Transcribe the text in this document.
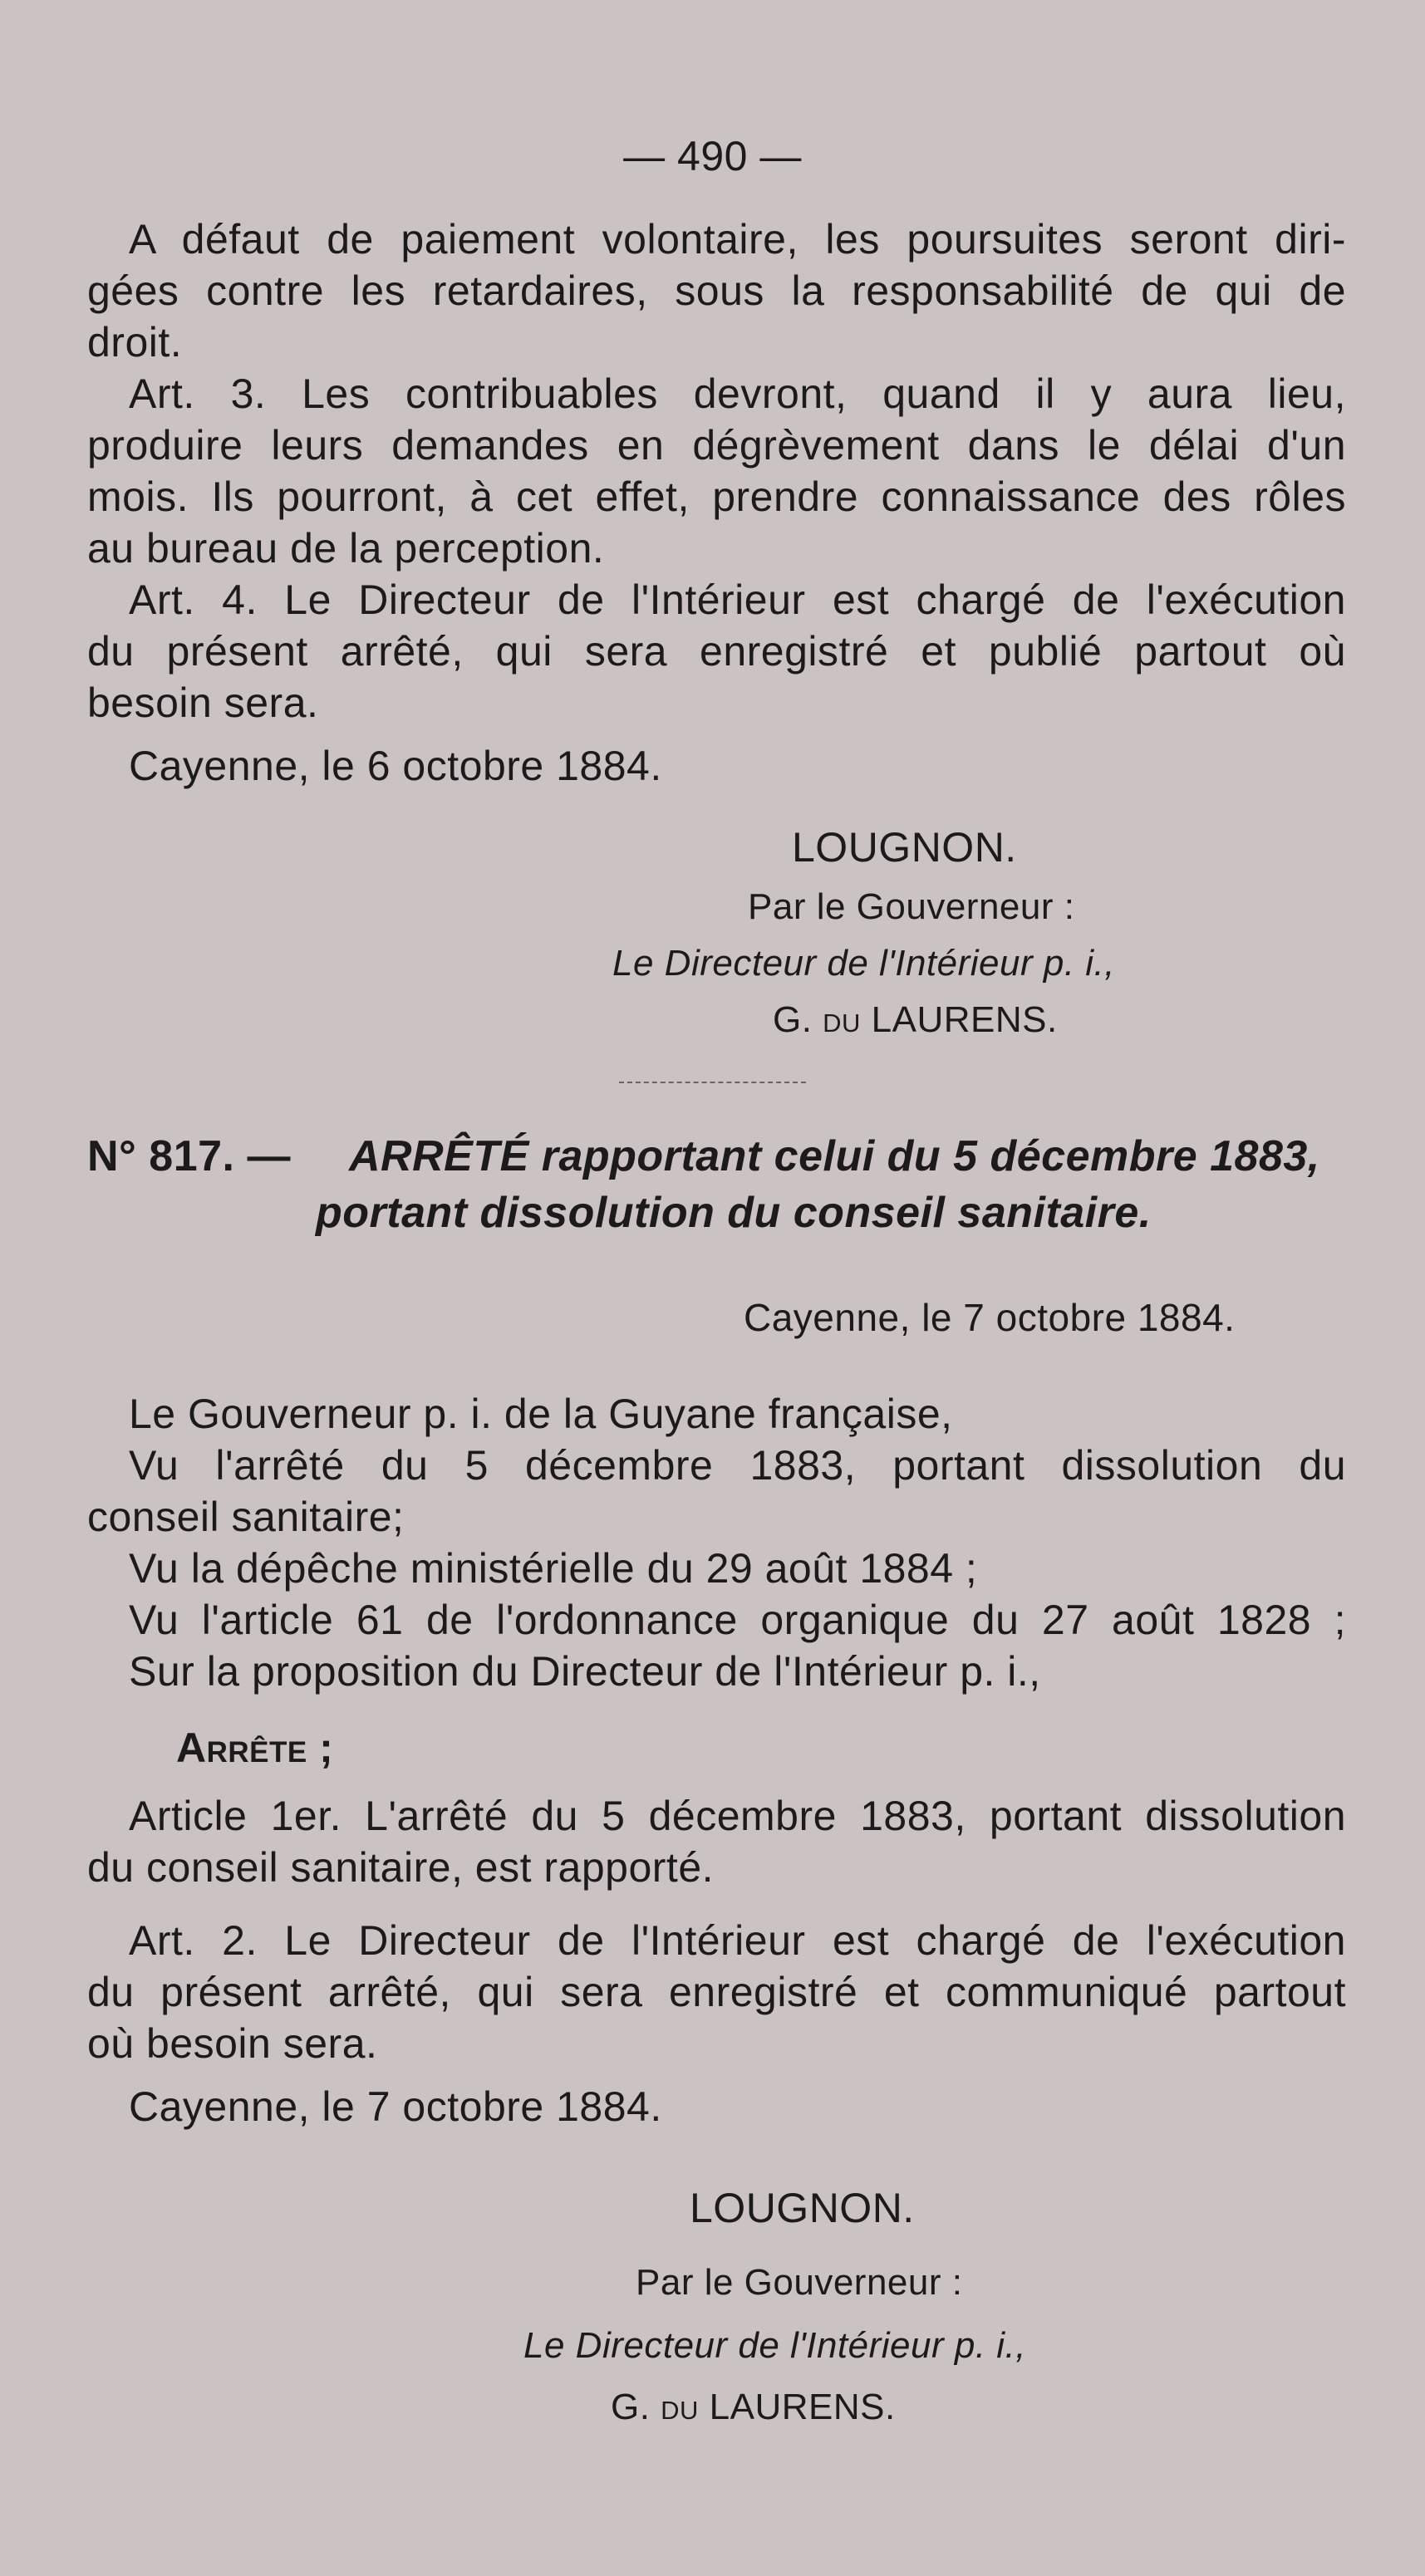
— 490 —

A défaut de paiement volontaire, les poursuites seront diri-

gées contre les retardaires, sous la responsabilité de qui de

droit.

Art. 3. Les contribuables devront, quand il y aura lieu,

produire leurs demandes en dégrèvement dans le délai d'un

mois. Ils pourront, à cet effet, prendre connaissance des rôles

au bureau de la perception.

Art. 4. Le Directeur de l'Intérieur est chargé de l'exécution

du présent arrêté, qui sera enregistré et publié partout où

besoin sera.

Cayenne, le 6 octobre 1884.

LOUGNON.

Par le Gouverneur :

Le Directeur de l'Intérieur p. i.,

G. du LAURENS.

N° 817. — ARRÊTÉ rapportant celui du 5 décembre 1883,

portant dissolution du conseil sanitaire.

Cayenne, le 7 octobre 1884.

Le Gouverneur p. i. de la Guyane française,

Vu l'arrêté du 5 décembre 1883, portant dissolution du

conseil sanitaire;

Vu la dépêche ministérielle du 29 août 1884 ;

Vu l'article 61 de l'ordonnance organique du 27 août 1828 ;

Sur la proposition du Directeur de l'Intérieur p. i.,

Arrête ;

Article 1er. L'arrêté du 5 décembre 1883, portant dissolution

du conseil sanitaire, est rapporté.

Art. 2. Le Directeur de l'Intérieur est chargé de l'exécution

du présent arrêté, qui sera enregistré et communiqué partout

où besoin sera.

Cayenne, le 7 octobre 1884.

LOUGNON.

Par le Gouverneur :

Le Directeur de l'Intérieur p. i.,

G. du LAURENS.
